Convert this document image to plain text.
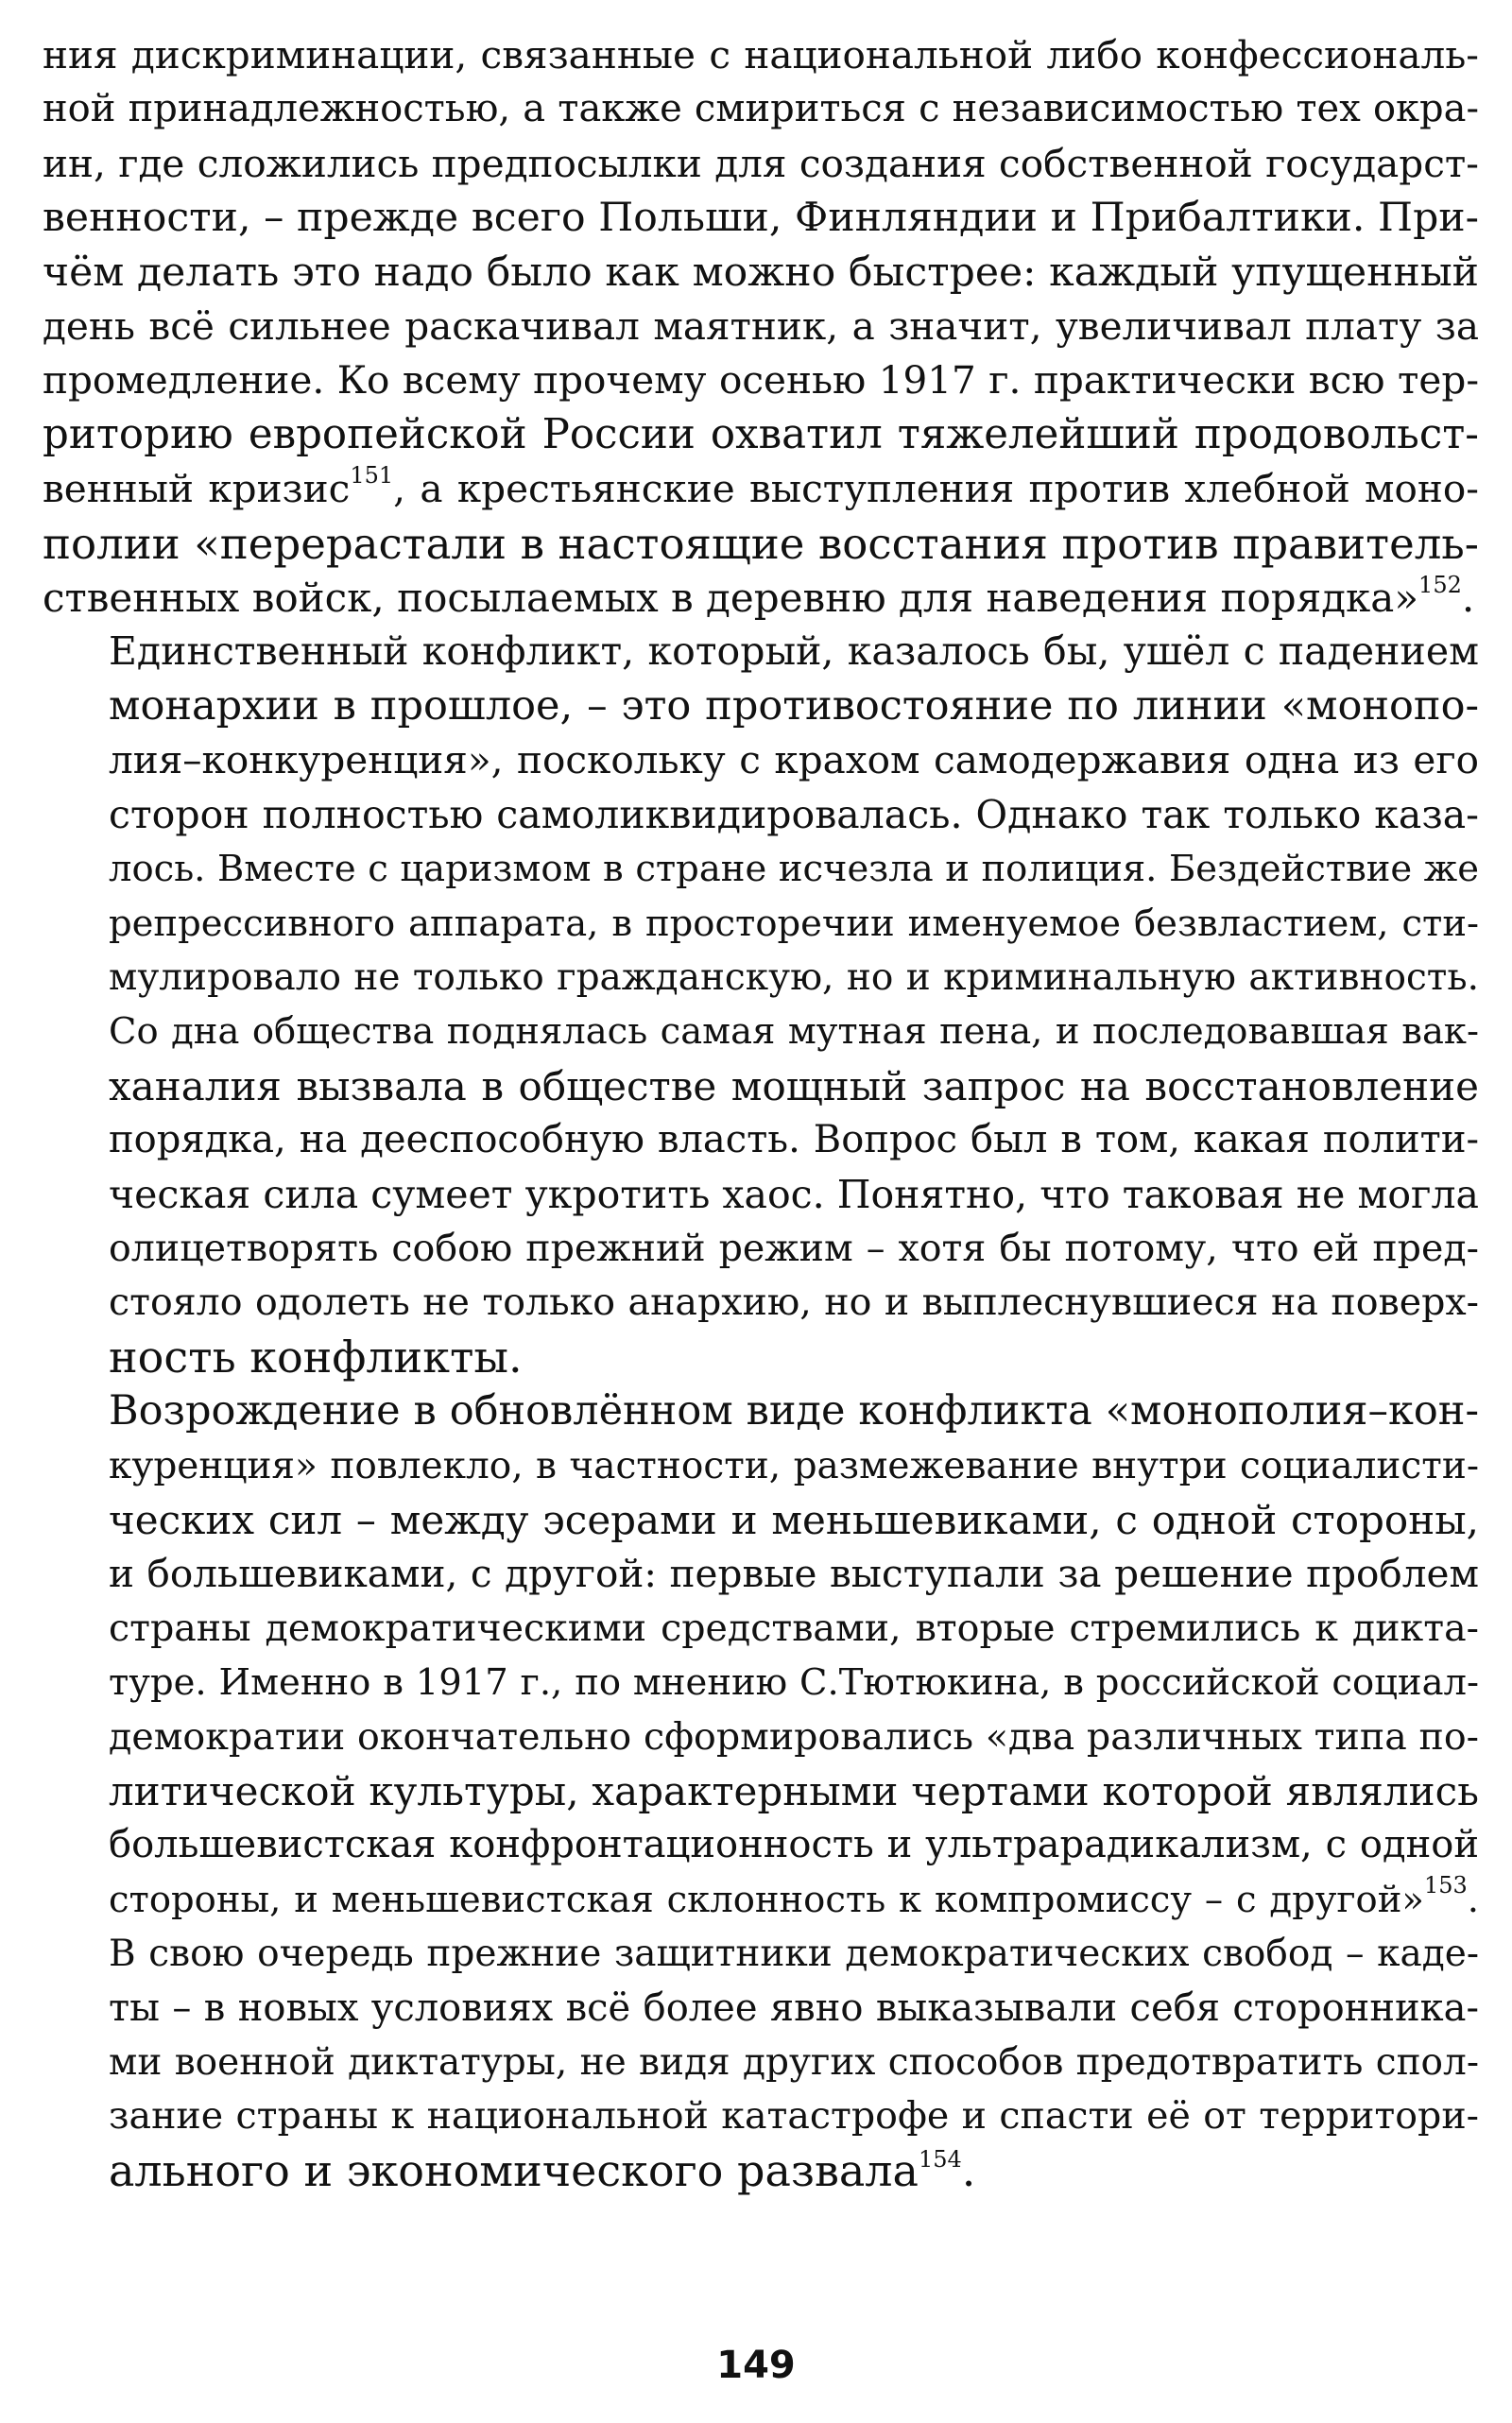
ния дискриминации, связанные с национальной либо конфессиональ-
ной принадлежностью, а также смириться с независимостью тех окра-
ин, где сложились предпосылки для создания собственной государст-
венности, – прежде всего Польши, Финляндии и Прибалтики. При-
чём делать это надо было как можно быстрее: каждый упущенный
день всё сильнее раскачивал маятник, а значит, увеличивал плату за
промедление. Ко всему прочему осенью 1917 г. практически всю тер-
риторию европейской России охватил тяжелейший продовольст-
венный кризис$^{151}$, а крестьянские выступления против хлебной моно-
полии «перерастали в настоящие восстания против правитель-
ственных войск, посылаемых в деревню для наведения порядка»$^{152}$.
Единственный конфликт, который, казалось бы, ушёл с падением
монархии в прошлое, – это противостояние по линии «монопо-
лия–конкуренция», поскольку с крахом самодержавия одна из его
сторон полностью самоликвидировалась. Однако так только каза-
лось. Вместе с царизмом в стране исчезла и полиция. Бездействие же
репрессивного аппарата, в просторечии именуемое безвластием, сти-
мулировало не только гражданскую, но и криминальную активность.
Со дна общества поднялась самая мутная пена, и последовавшая вак-
ханалия вызвала в обществе мощный запрос на восстановление
порядка, на дееспособную власть. Вопрос был в том, какая полити-
ческая сила сумеет укротить хаос. Понятно, что таковая не могла
олицетворять собою прежний режим – хотя бы потому, что ей пред-
стояло одолеть не только анархию, но и выплеснувшиеся на поверх-
ность конфликты.
Возрождение в обновлённом виде конфликта «монополия–кон-
куренция» повлекло, в частности, размежевание внутри социалисти-
ческих сил – между эсерами и меньшевиками, с одной стороны,
и большевиками, с другой: первые выступали за решение проблем
страны демократическими средствами, вторые стремились к дикта-
туре. Именно в 1917 г., по мнению С.Тютюкина, в российской социал-
демократии окончательно сформировались «два различных типа по-
литической культуры, характерными чертами которой являлись
большевистская конфронтационность и ультрарадикализм, с одной
стороны, и меньшевистская склонность к компромиссу – с другой»$^{153}$.
В свою очередь прежние защитники демократических свобод – каде-
ты – в новых условиях всё более явно выказывали себя сторонника-
ми военной диктатуры, не видя других способов предотвратить спол-
зание страны к национальной катастрофе и спасти её от территори-
ального и экономического развала$^{154}$.
149
